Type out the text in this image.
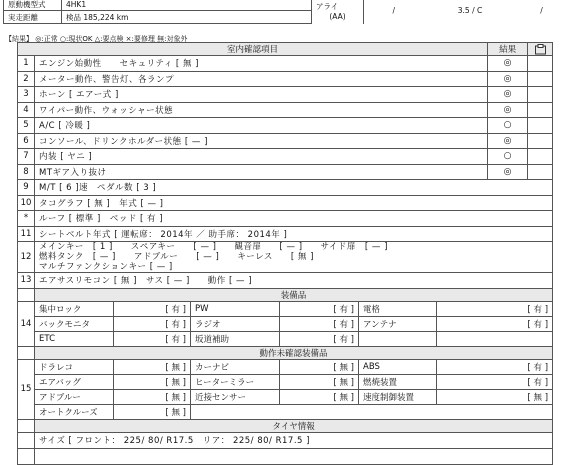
原動機型式	4HK1	アライ
(AA)	/	3.5 / C	/
実走距離	検品 185,224 km				
【結果】 ◎:正常 ○:現状OK △:要点検 ×:要修理 無:対象外
室内確認項目							結果	

1	エンジン始動性　　セキュリティ [ 無 ]						◎	
2	メーター動作、警告灯、各ランプ						◎	
3	ホーン [ エアー式 ]						◎	
4	ワイパー動作、ウォッシャー状態						◎	
5	A/C [ 冷暖 ]						○	
6	コンソール、ドリンクホルダー状態 [ — ]						◎	
7	内装 [ ヤニ ]						○	
8	MTギア入り抜け						◎	
9	M/T [ 6 ]速　ペダル数 [ 3 ]							
10	タコグラフ [ 無 ]　年式 [ — ]							
*	ルーフ [ 標準 ]　ベッド [ 有 ]							
11	シートベルト年式 [ 運転席： 2014年 ／ 助手席： 2014年 ]							
12	メインキー　[ 1 ]　　スペアキー　　[ — ]　　観音扉　　[ — ]　　サイド扉　[ — ]
燃料タンク　[ — ]　　アドブルー　　[ — ]　　キーレス　　[ 無 ]
マルチファンクションキー [ — ]							

13	エアサスリモコン [ 無 ]　サス [ — ]　　動作 [ — ]							
	装備品							
14	集中ロック	[ 有 ]	PW	[ 有 ]	電格	[ 有 ]		
	バックモニタ	[ 有 ]	ラジオ	[ 有 ]	アンテナ	[ 有 ]		
	ETC	[ 有 ]	坂道補助	[ 有 ]				
	動作未確認装備品							
15	ドラレコ	[ 無 ]	カーナビ	[ 無 ]	ABS	[ 有 ]		
	エアバッグ	[ 無 ]	ヒーターミラー	[ 無 ]	燃焼装置	[ 有 ]		
	アドブルー	[ 無 ]	近接センサー	[ 無 ]	速度制御装置	[ 無 ]		
	オートクルーズ	[ 無 ]						
	タイヤ情報							
	サイズ [ フロント： 225/ 80/ R17.5　リア： 225/ 80/ R17.5 ]							
